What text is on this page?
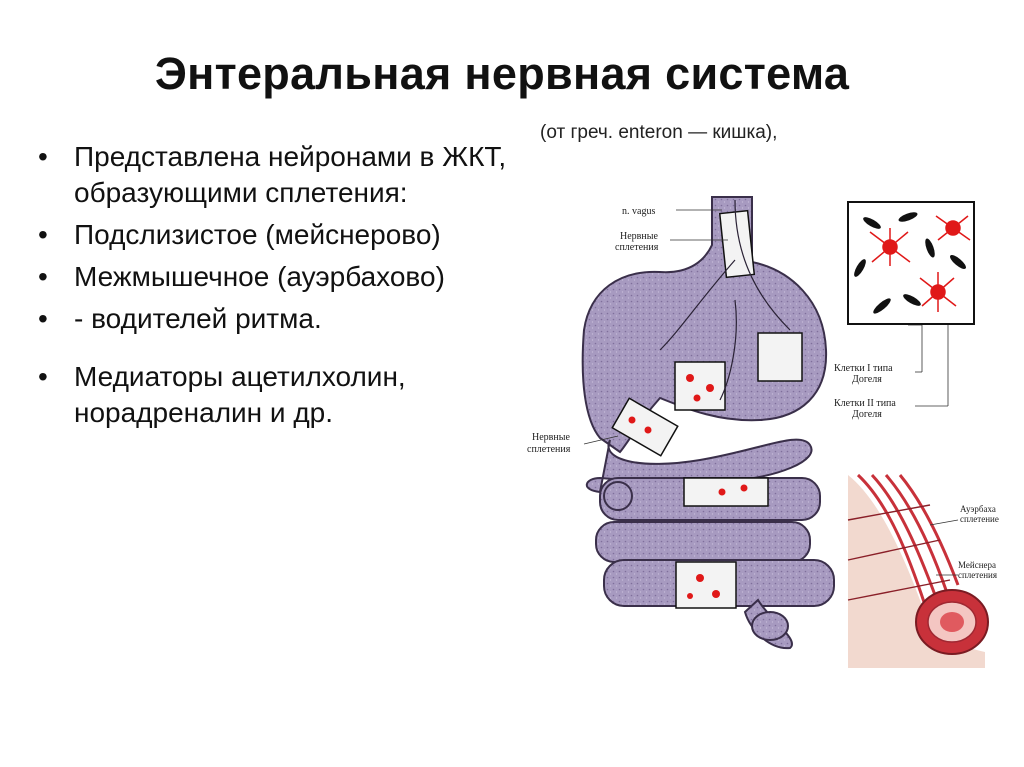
Энтеральная нервная система
(от греч. enteron — кишка),
• Представлена нейронами в ЖКТ, образующими сплетения:
• Подслизистое (мейснерово)
• Межмышечное (ауэрбахово)
• - водителей ритма.
• Медиаторы ацетилхолин, норадреналин и др.
n. vagus
Нервные
сплетения
Нервные
сплетения
Клетки I типа
Догеля
Клетки II типа
Догеля
Ауэрбаха
сплетение
Мейснера
сплетения
